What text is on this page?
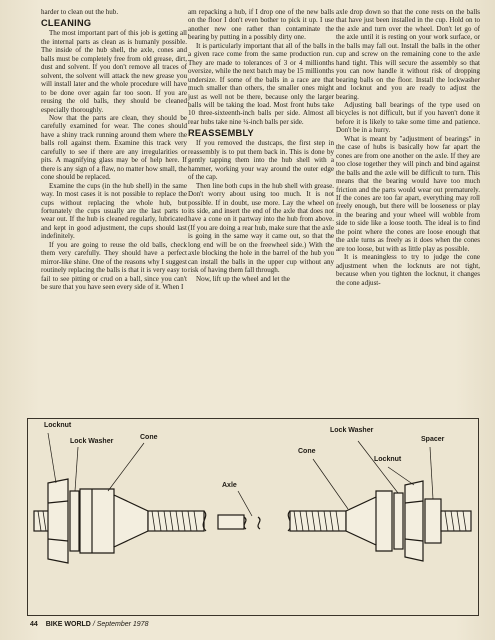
harder to clean out the hub.

CLEANING

The most important part of this job is getting all the internal parts as clean as is humanly possible. The inside of the hub shell, the axle, cones and balls must be completely free from old grease, dirt, dust and solvent. If you don't remove all traces of solvent, the solvent will attack the new grease you will install later and the whole procedure will have to be done over again far too soon. If you are reusing the old balls, they should be cleaned especially thoroughly.

Now that the parts are clean, they should be carefully examined for wear. The cones should have a shiny track running around them where the balls roll against them. Examine this track very carefully to see if there are any irregularities or pits. A magnifying glass may be of help here. If there is any sign of a flaw, no matter how small, the cone should be replaced.

Examine the cups (in the hub shell) in the same way. In most cases it is not possible to replace the cups without replacing the whole hub, but fortunately the cups usually are the last parts to wear out. If the hub is cleaned regularly, lubricated and kept in good adjustment, the cups should last indefinitely.

If you are going to reuse the old balls, check them very carefully. They should have a perfect mirror-like shine. One of the reasons why I suggest routinely replacing the balls is that it is very easy to fail to see pitting or crud on a ball, since you can't be sure that you have seen every side of it. When I

am repacking a hub, if I drop one of the new balls on the floor I don't even bother to pick it up. I use another new one rather than contaminate the bearing by putting in a possibly dirty one.

It is particularly important that all of the balls in a given race come from the same production run. They are made to tolerances of 3 or 4 millionths oversize, while the next batch may be 15 millionths undersize. If some of the balls in a race are that much smaller than others, the smaller ones might just as well not be there, because only the larger balls will be taking the load. Most front hubs take 10 three-sixteenth-inch balls per side. Almost all rear hubs take nine ¼-inch balls per side.

REASSEMBLY

If you removed the dustcaps, the first step in reassembly is to put them back in. This is done by gently tapping them into the hub shell with a hammer, working your way around the outer edge of the cap.

Then line both cups in the hub shell with grease. Don't worry about using too much. It is not possible. If in doubt, use more. Lay the wheel on its side, and insert the end of the axle that does not have a cone on it partway into the hub from above. (If you are doing a rear hub, make sure that the axle is going in the same way it came out, so that the long end will be on the freewheel side.) With the axle blocking the hole in the barrel of the hub you can install the balls in the upper cup without any risk of having them fall through.

Now, lift up the wheel and let the

axle drop down so that the cone rests on the balls that have just been installed in the cup. Hold on to the axle and turn over the wheel. Don't let go of the axle until it is resting on your work surface, or the balls may fall out. Install the balls in the other cup and screw on the remaining cone to the axle hand tight. This will secure the assembly so that you can now handle it without risk of dropping bearing balls on the floor. Install the lockwasher and locknut and you are ready to adjust the bearing.

Adjusting ball bearings of the type used on bicycles is not difficult, but if you haven't done it before it is likely to take some time and patience. Don't be in a hurry.

What is meant by "adjustment of bearings" in the case of hubs is basically how far apart the cones are from one another on the axle. If they are too close together they will pinch and bind against the balls and the axle will be difficult to turn. This means that the bearing would have too much friction and the parts would wear out prematurely. If the cones are too far apart, everything may roll freely enough, but there will be looseness or play in the bearing and your wheel will wobble from side to side like a loose tooth. The ideal is to find the point where the cones are loose enough that the axle turns as freely as it does when the cones are too loose, but with as little play as possible.

It is meaningless to try to judge the cone adjustment when the locknuts are not tight, because when you tighten the locknut, it changes the cone adjust-

Locknut
Lock Washer
Cone
Axle
Cone
Lock Washer
Spacer
Locknut
44 BIKE WORLD / September 1978
